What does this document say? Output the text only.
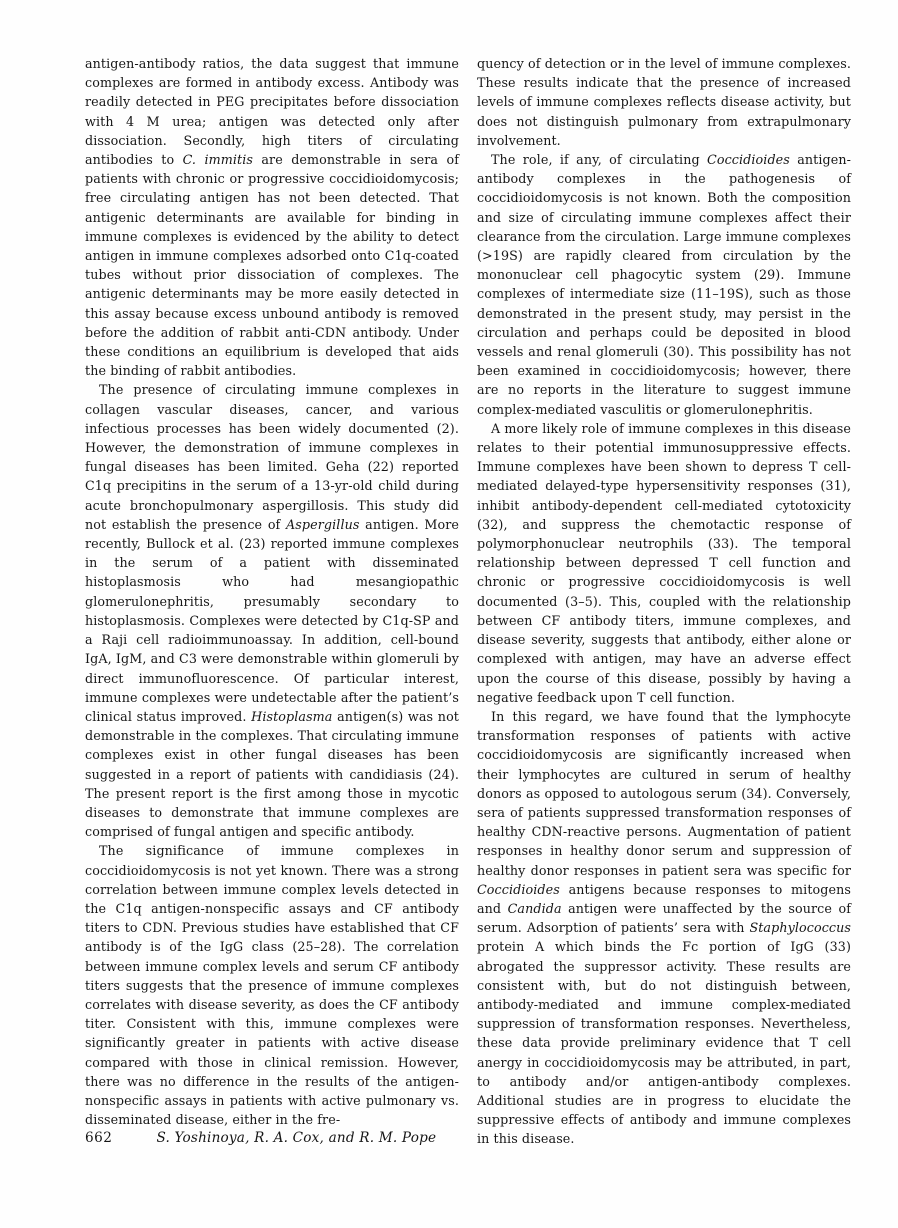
antigen-antibody ratios, the data suggest that immune complexes are formed in antibody excess. Antibody was readily detected in PEG precipitates before dissociation with 4 M urea; antigen was detected only after dissociation. Secondly, high titers of circulating antibodies to C. immitis are demonstrable in sera of patients with chronic or progressive coccidioidomycosis; free circulating antigen has not been detected. That antigenic determinants are available for binding in immune complexes is evidenced by the ability to detect antigen in immune complexes adsorbed onto C1q-coated tubes without prior dissociation of complexes. The antigenic determinants may be more easily detected in this assay because excess unbound antibody is removed before the addition of rabbit anti-CDN antibody. Under these conditions an equilibrium is developed that aids the binding of rabbit antibodies.

The presence of circulating immune complexes in collagen vascular diseases, cancer, and various infectious processes has been widely documented (2). However, the demonstration of immune complexes in fungal diseases has been limited. Geha (22) reported C1q precipitins in the serum of a 13-yr-old child during acute bronchopulmonary aspergillosis. This study did not establish the presence of Aspergillus antigen. More recently, Bullock et al. (23) reported immune complexes in the serum of a patient with disseminated histoplasmosis who had mesangiopathic glomerulonephritis, presumably secondary to histoplasmosis. Complexes were detected by C1q-SP and a Raji cell radioimmunoassay. In addition, cell-bound IgA, IgM, and C3 were demonstrable within glomeruli by direct immunofluorescence. Of particular interest, immune complexes were undetectable after the patient’s clinical status improved. Histoplasma antigen(s) was not demonstrable in the complexes. That circulating immune complexes exist in other fungal diseases has been suggested in a report of patients with candidiasis (24). The present report is the first among those in mycotic diseases to demonstrate that immune complexes are comprised of fungal antigen and specific antibody.

The significance of immune complexes in coccidioidomycosis is not yet known. There was a strong correlation between immune complex levels detected in the C1q antigen-nonspecific assays and CF antibody titers to CDN. Previous studies have established that CF antibody is of the IgG class (25–28). The correlation between immune complex levels and serum CF antibody titers suggests that the presence of immune complexes correlates with disease severity, as does the CF antibody titer. Consistent with this, immune complexes were significantly greater in patients with active disease compared with those in clinical remission. However, there was no difference in the results of the antigen-nonspecific assays in patients with active pulmonary vs. disseminated disease, either in the fre-

quency of detection or in the level of immune complexes. These results indicate that the presence of increased levels of immune complexes reflects disease activity, but does not distinguish pulmonary from extrapulmonary involvement.

The role, if any, of circulating Coccidioides antigen-antibody complexes in the pathogenesis of coccidioidomycosis is not known. Both the composition and size of circulating immune complexes affect their clearance from the circulation. Large immune complexes (>19S) are rapidly cleared from circulation by the mononuclear cell phagocytic system (29). Immune complexes of intermediate size (11–19S), such as those demonstrated in the present study, may persist in the circulation and perhaps could be deposited in blood vessels and renal glomeruli (30). This possibility has not been examined in coccidioidomycosis; however, there are no reports in the literature to suggest immune complex-mediated vasculitis or glomerulonephritis.

A more likely role of immune complexes in this disease relates to their potential immunosuppressive effects. Immune complexes have been shown to depress T cell-mediated delayed-type hypersensitivity responses (31), inhibit antibody-dependent cell-mediated cytotoxicity (32), and suppress the chemotactic response of polymorphonuclear neutrophils (33). The temporal relationship between depressed T cell function and chronic or progressive coccidioidomycosis is well documented (3–5). This, coupled with the relationship between CF antibody titers, immune complexes, and disease severity, suggests that antibody, either alone or complexed with antigen, may have an adverse effect upon the course of this disease, possibly by having a negative feedback upon T cell function.

In this regard, we have found that the lymphocyte transformation responses of patients with active coccidioidomycosis are significantly increased when their lymphocytes are cultured in serum of healthy donors as opposed to autologous serum (34). Conversely, sera of patients suppressed transformation responses of healthy CDN-reactive persons. Augmentation of patient responses in healthy donor serum and suppression of healthy donor responses in patient sera was specific for Coccidioides antigens because responses to mitogens and Candida antigen were unaffected by the source of serum. Adsorption of patients’ sera with Staphylococcus protein A which binds the Fc portion of IgG (33) abrogated the suppressor activity. These results are consistent with, but do not distinguish between, antibody-mediated and immune complex-mediated suppression of transformation responses. Nevertheless, these data provide preliminary evidence that T cell anergy in coccidioidomycosis may be attributed, in part, to antibody and/or antigen-antibody complexes. Additional studies are in progress to elucidate the suppressive effects of antibody and immune complexes in this disease.

662	S. Yoshinoya, R. A. Cox, and R. M. Pope
